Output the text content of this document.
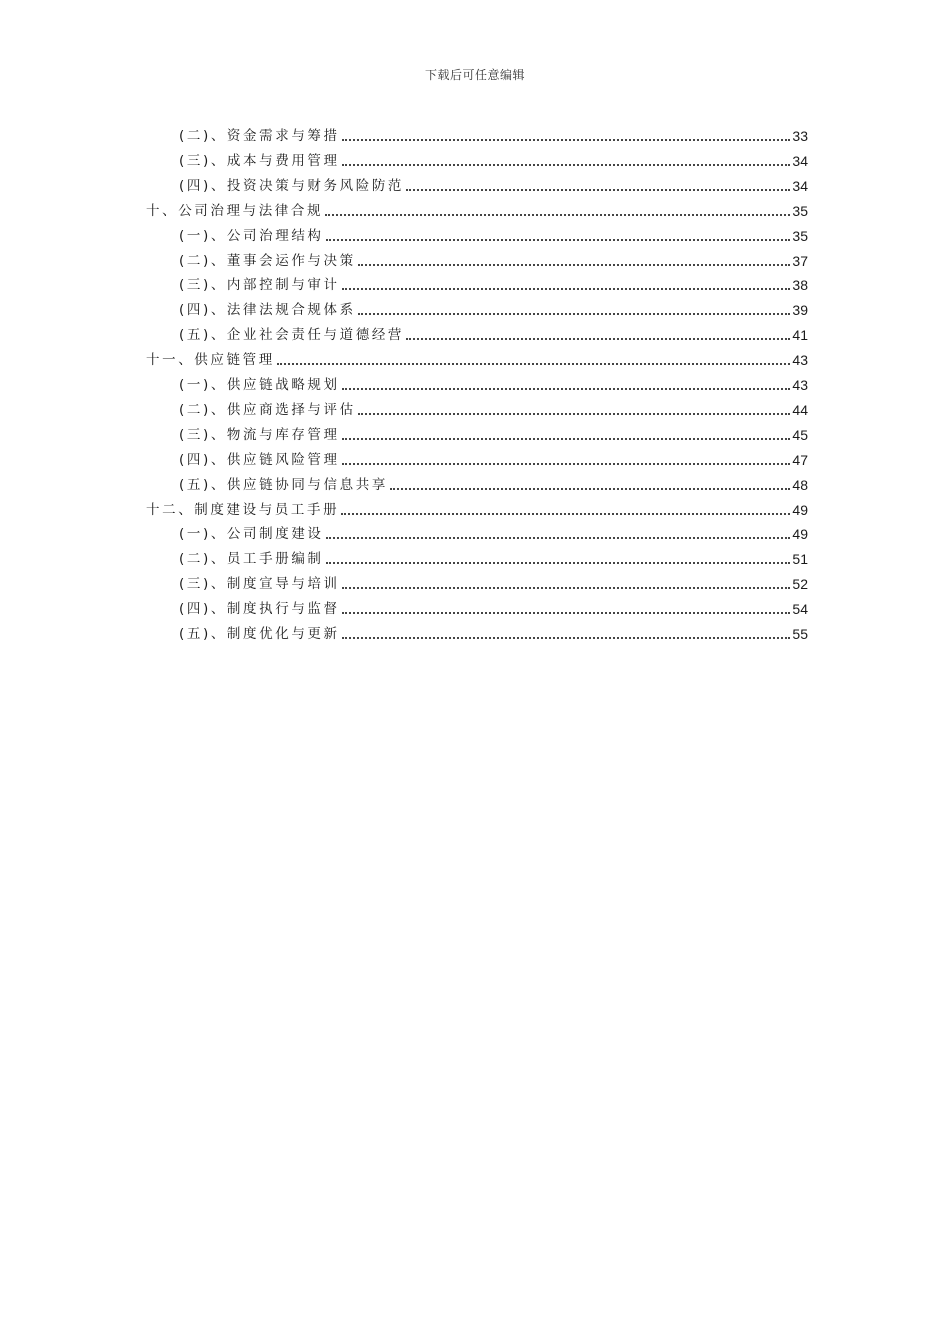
下载后可任意编辑
(二)、资金需求与筹措	33
(三)、成本与费用管理	34
(四)、投资决策与财务风险防范	34
十、公司治理与法律合规	35
(一)、公司治理结构	35
(二)、董事会运作与决策	37
(三)、内部控制与审计	38
(四)、法律法规合规体系	39
(五)、企业社会责任与道德经营	41
十一、供应链管理	43
(一)、供应链战略规划	43
(二)、供应商选择与评估	44
(三)、物流与库存管理	45
(四)、供应链风险管理	47
(五)、供应链协同与信息共享	48
十二、制度建设与员工手册	49
(一)、公司制度建设	49
(二)、员工手册编制	51
(三)、制度宣导与培训	52
(四)、制度执行与监督	54
(五)、制度优化与更新	55
